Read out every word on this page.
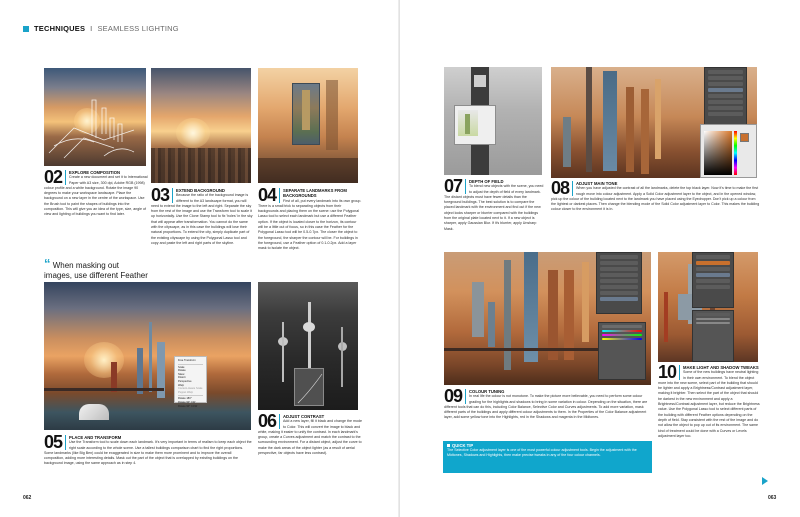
TECHNIQUES I SEAMLESS LIGHTING
02	EXPLORE COMPOSITION
Create a new document and set it to International Paper with A3 size, 300 dpi, Adobe RGB (1998) colour profile and a white background. Rotate the image 90 degrees to make your workspace landscape. Place the background on a new layer in the centre of the workspace. Use the Brush tool to paint the shapes of buildings into the composition. This will give you an idea of the type, size, angle of view and lighting of buildings you want to find later.
“ When masking out images, use different Feather
03	EXTEND BACKGROUND
Because the ratio of the background image is different to the A3 landscape format, you will need to extend the image to the left and right. Separate the sky from the rest of the image and use the Transform tool to scale it up horizontally. Use the Clone Stamp tool to fix 'holes' in the sky that will appear after transformation. You cannot do the same with the cityscape, as in this case the buildings will lose their natural proportions. To extend the city, simply duplicate part of the existing cityscape by using the Polygonal Lasso tool and copy and paste the left and right parts of the skyline.
04	SEPARATE LANDMARKS FROM BACKGROUNDS
First of all, put every landmark into its own group. There is a small trick to separating objects from their backgrounds and placing them on the scene: use the Polygonal Lasso tool to select each landmark but use a different Feather option. If the object is located closer to the horizon, its contour will be a little out of focus, so in this case the Feather for the Polygonal Lasso tool will be 0.5-0.7px. The closer the object to the foreground, the sharper the contour will be. For buildings in the foreground, use a Feather option of 0.1-0.2px. Add a layer mask to isolate the object.
Free Transform
Scale
Rotate
Skew
Distort
Perspective
Warp
Content-Aware Scale
Puppet Warp
Rotate 180°
Rotate 90° CW
Rotate 90° CCW
05	PLACE AND TRANSFORM
Use the Transform tool to scale down each landmark. It's very important in terms of realism to keep each object the right scale according to the whole scene. Use a tallest buildings comparison chart to find the right proportions. Some landmarks (like Big Ben) could be exaggerated in size to make them more prominent and to improve the overall composition, adding more interesting details. Mask out the part of the object that is overlapped by existing buildings on the background image, using the same approach as in step 4.
06	ADJUST CONTRAST
Add a new layer, fill it black and change the mode to Color. This will convert the image to black and white, making it easier to unify the contrast. In each landmark's group, create a Curves adjustment and match the contrast to the surrounding environment. For a distant object, adjust the curve to make the dark areas of the object lighter (as a result of aerial perspective, far objects have less contrast).
062
07	DEPTH OF FIELD
To blend new objects with the scene, you need to adjust the depth of field of every landmark. The distant objects must have fewer details than the foreground buildings. The best solution is to compare the placed landmark with the environment and find out if the new object looks sharper or blurrier compared with the buildings from the original plate located next to it. If a new object is sharper, apply Gaussian Blur. If it's blurrier, apply Unsharp Mask.
08	ADJUST MAIN TONE
When you have adjusted the contrast of all the landmarks, delete the top black layer. Now it's time to make the first rough move into colour adjustment. Apply a Solid Color adjustment layer to the object, and in the opened window, pick up the colour of the building located next to the landmark you have placed using the Eyedropper. Don't pick up a colour from the lightest or darkest places. Then change the blending mode of the Solid Color adjustment layer to Color. This makes the building colour closer to the environment it is in.
09	COLOUR TUNING
In real life the colour is not monotone. To make the picture more believable, you need to perform some colour grading for the highlights and shadows to bring in some variation in colour. Depending on the situation, there are different tools that can do this, including Color Balance, Selective Color and Curves adjustments. To add more variation, mask different parts of the buildings and apply different colour adjustments to them. In the Properties of the Color Balance adjustment layer, add some yellow tone into the Highlights, red in the Shadows and magenta in the Midtones.
10	MAKE LIGHT AND SHADOW TWEAKS
Some of the new buildings have neutral lighting in their own environment. To blend the object more into the new scene, select part of the building that should be lighter and apply a Brightness/Contrast adjustment layer, making it brighter. Then select the part of the object that should be darkest in the new environment and apply a Brightness/Contrast adjustment layer, but reduce the Brightness value. Use the Polygonal Lasso tool to select different parts of the building with different Feather options depending on the depth of field. Stay consistent with the rest of the image and do not allow the object to pop up out of its environment. The same kind of treatment could be done with a Curves or Levels adjustment layer too.
063
QUICK TIP
The Selective Color adjustment layer is one of the most powerful colour adjustment tools. Begin the adjustment with the Midtones, Shadows and Highlights, then make precise tweaks in any of the four colour channels.
